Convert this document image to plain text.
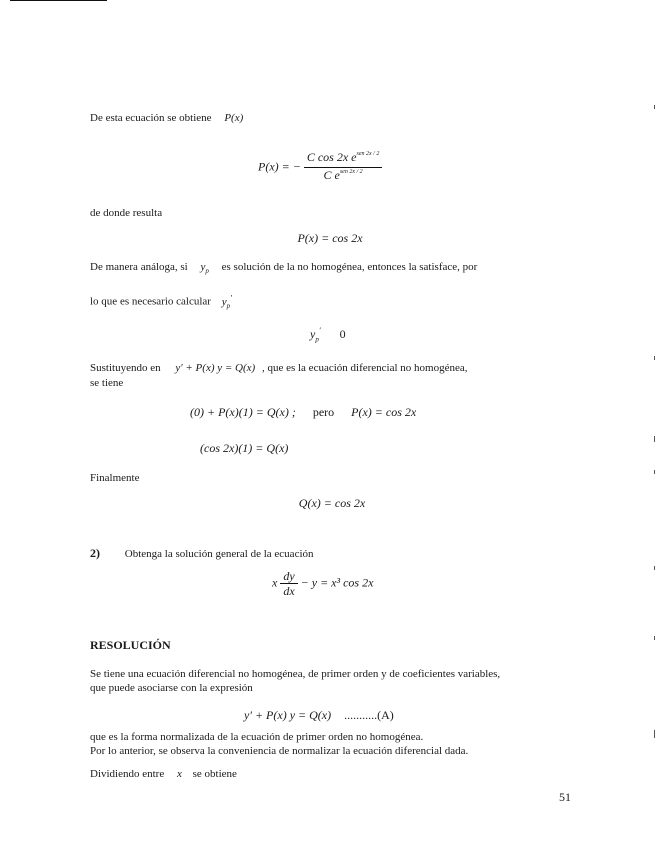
De esta ecuación se obtiene P(x)
P(x) = − $\frac{C \cos 2x e^{sen 2x / 2}}{C e^{sen 2x / 2}}$
de donde resulta
P(x) = cos 2x
De manera análoga, si $y_p$ es solución de la no homogénea, entonces la satisface, por
lo que es necesario calcular $y_p'$
$y_p'$ 0
Sustituyendo en y′ + P(x) y = Q(x) , que es la ecuación diferencial no homogénea,
se tiene
(0) + P(x)(1) = Q(x) ; pero P(x) = cos 2x
(cos 2x)(1) = Q(x)
Finalmente
Q(x) = cos 2x
2) Obtenga la solución general de la ecuación
x $\frac{dy}{dx} - y = x^3$ cos 2x
RESOLUCIÓN
Se tiene una ecuación diferencial no homogénea, de primer orden y de coeficientes variables,
que puede asociarse con la expresión
y′ + P(x) y = Q(x) ...........(A)
que es la forma normalizada de la ecuación de primer orden no homogénea.
Por lo anterior, se observa la conveniencia de normalizar la ecuación diferencial dada.
Dividiendo entre x se obtiene
51
